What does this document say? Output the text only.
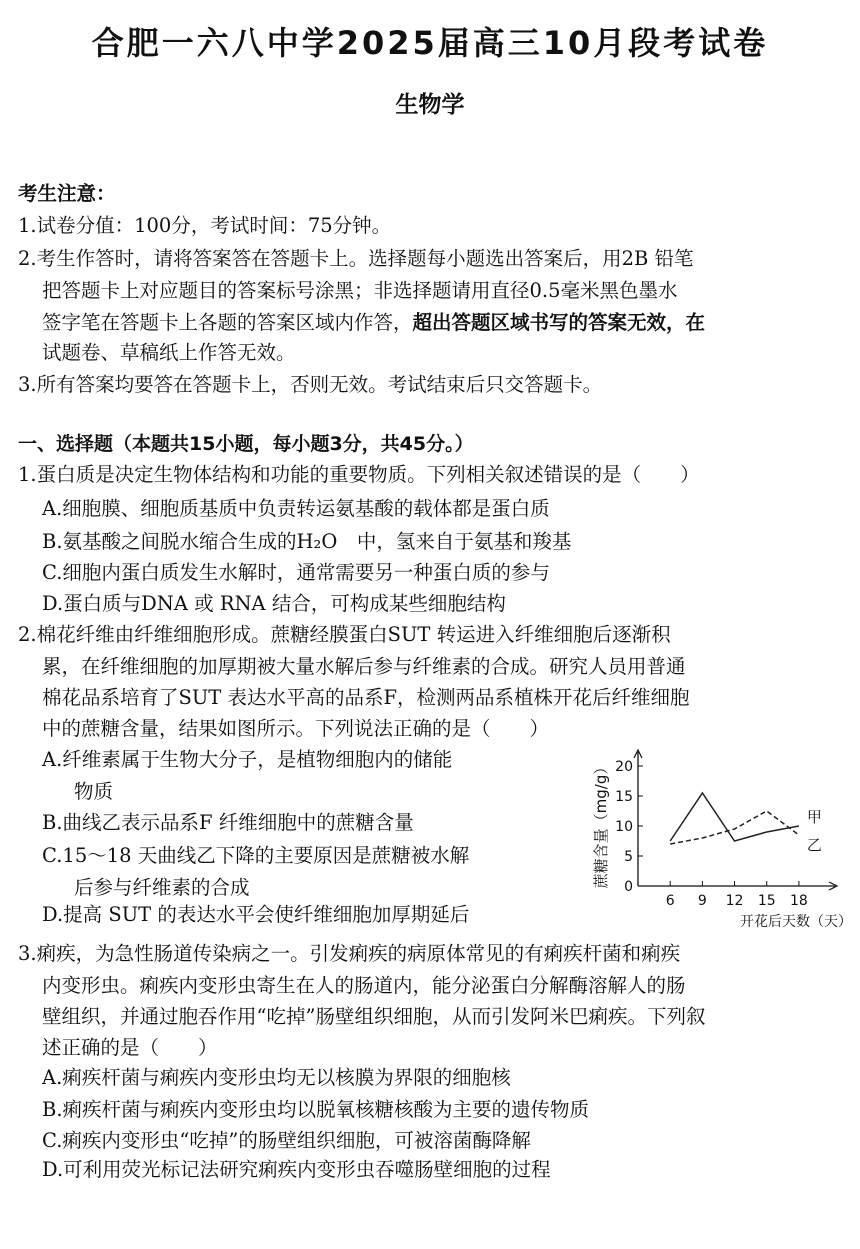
合肥一六八中学2025届高三10月段考试卷
生物学
考生注意：
1.试卷分值：100分，考试时间：75分钟。
2.考生作答时，请将答案答在答题卡上。选择题每小题选出答案后，用2B 铅笔
把答题卡上对应题目的答案标号涂黑；非选择题请用直径0.5毫米黑色墨水
签字笔在答题卡上各题的答案区域内作答，超出答题区域书写的答案无效，在
试题卷、草稿纸上作答无效。
3.所有答案均要答在答题卡上，否则无效。考试结束后只交答题卡。
一、选择题（本题共15小题，每小题3分，共45分。）
1.蛋白质是决定生物体结构和功能的重要物质。下列相关叙述错误的是（　　）
A.细胞膜、细胞质基质中负责转运氨基酸的载体都是蛋白质
B.氨基酸之间脱水缩合生成的H₂O　中，氢来自于氨基和羧基
C.细胞内蛋白质发生水解时，通常需要另一种蛋白质的参与
D.蛋白质与DNA 或 RNA 结合，可构成某些细胞结构
2.棉花纤维由纤维细胞形成。蔗糖经膜蛋白SUT 转运进入纤维细胞后逐渐积
累，在纤维细胞的加厚期被大量水解后参与纤维素的合成。研究人员用普通
棉花品系培育了SUT 表达水平高的品系F，检测两品系植株开花后纤维细胞
中的蔗糖含量，结果如图所示。下列说法正确的是（　　）
A.纤维素属于生物大分子，是植物细胞内的储能
物质
B.曲线乙表示品系F 纤维细胞中的蔗糖含量
C.15～18 天曲线乙下降的主要原因是蔗糖被水解
后参与纤维素的合成
D.提高 SUT 的表达水平会使纤维细胞加厚期延后
0
5
10
15
20
6 9 12 15 18
蔗糖含量（mg/g）
开花后天数（天）
甲
乙
3.痢疾，为急性肠道传染病之一。引发痢疾的病原体常见的有痢疾杆菌和痢疾
内变形虫。痢疾内变形虫寄生在人的肠道内，能分泌蛋白分解酶溶解人的肠
壁组织，并通过胞吞作用“吃掉”肠壁组织细胞，从而引发阿米巴痢疾。下列叙
述正确的是（　　）
A.痢疾杆菌与痢疾内变形虫均无以核膜为界限的细胞核
B.痢疾杆菌与痢疾内变形虫均以脱氧核糖核酸为主要的遗传物质
C.痢疾内变形虫“吃掉”的肠壁组织细胞，可被溶菌酶降解
D.可利用荧光标记法研究痢疾内变形虫吞噬肠壁细胞的过程
